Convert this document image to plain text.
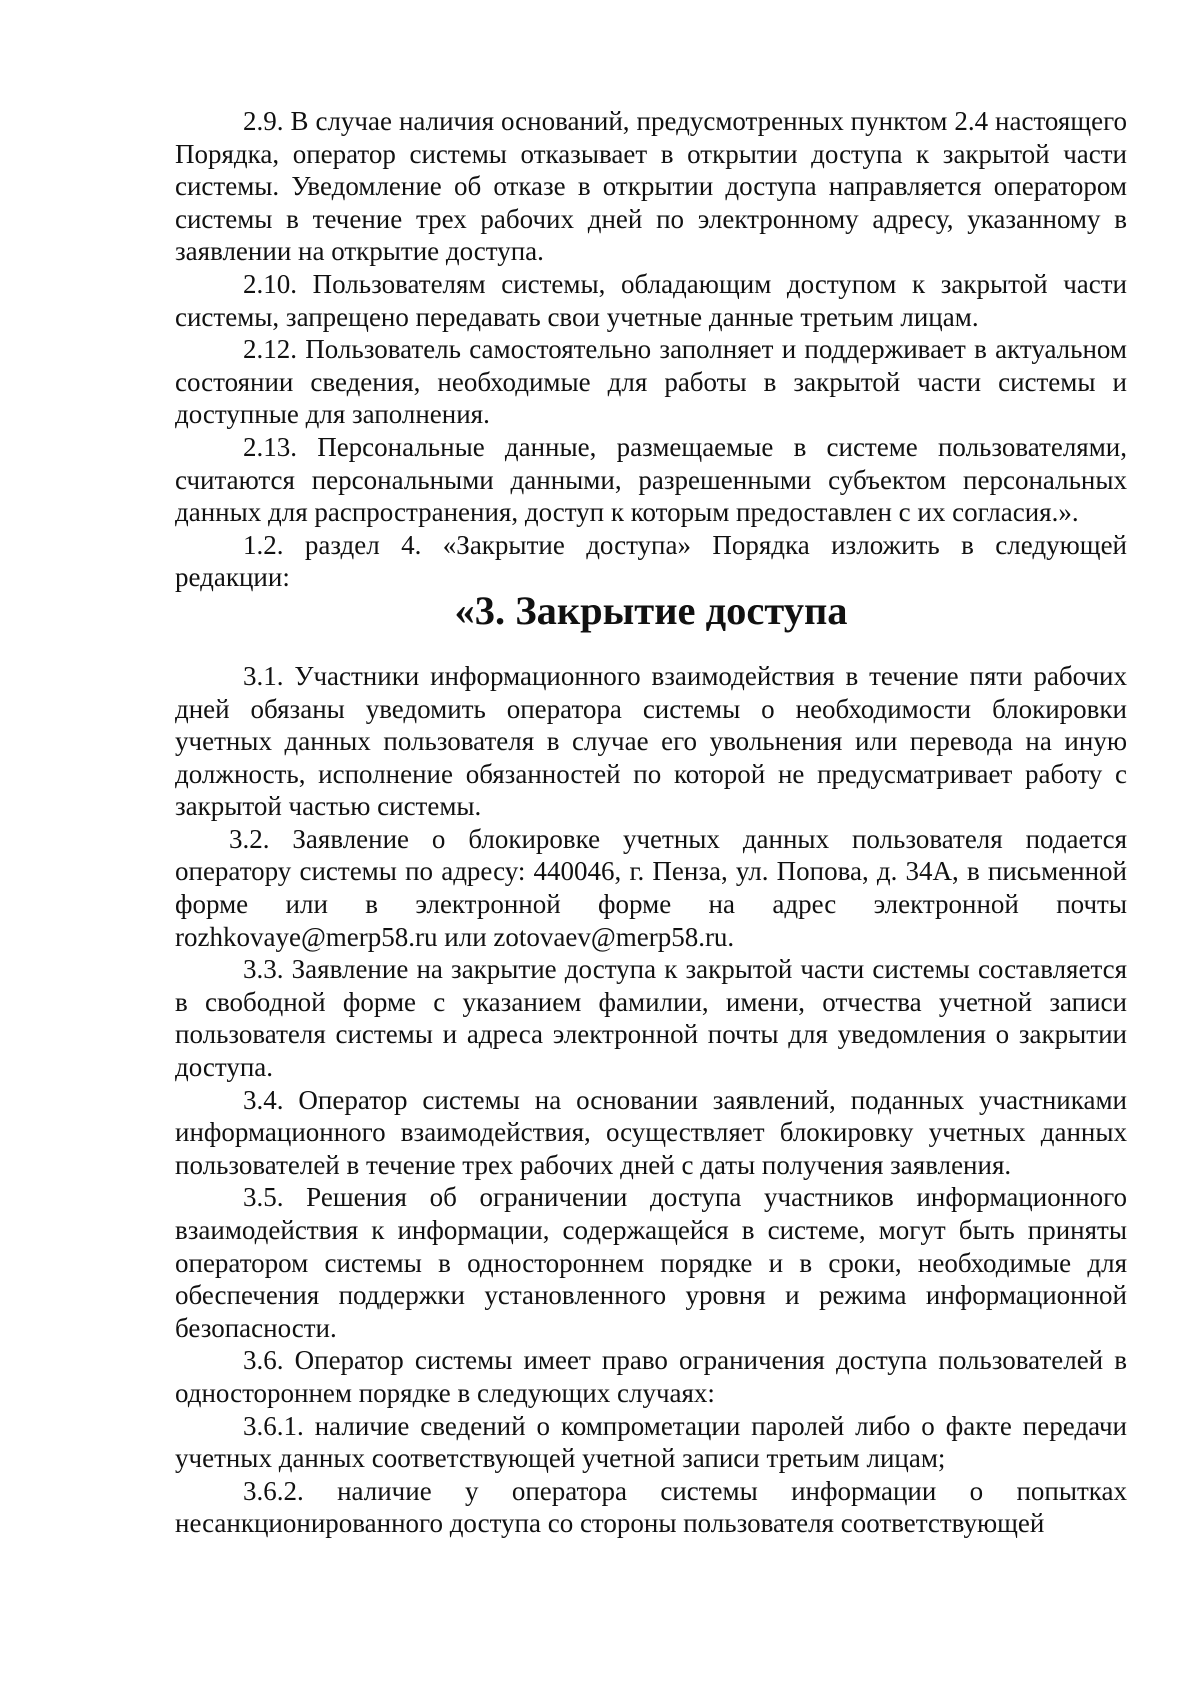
2.9. В случае наличия оснований, предусмотренных пунктом 2.4 настоящего Порядка, оператор системы отказывает в открытии доступа к закрытой части системы. Уведомление об отказе в открытии доступа направляется оператором системы в течение трех рабочих дней по электронному адресу, указанному в заявлении на открытие доступа.

2.10. Пользователям системы, обладающим доступом к закрытой части системы, запрещено передавать свои учетные данные третьим лицам.

2.12. Пользователь самостоятельно заполняет и поддерживает в актуальном состоянии сведения, необходимые для работы в закрытой части системы и доступные для заполнения.

2.13. Персональные данные, размещаемые в системе пользователями, считаются персональными данными, разрешенными субъектом персональных данных для распространения, доступ к которым предоставлен с их согласия.».

1.2. раздел 4. «Закрытие доступа» Порядка изложить в следующей редакции:

«3. Закрытие доступа

3.1. Участники информационного взаимодействия в течение пяти рабочих дней обязаны уведомить оператора системы о необходимости блокировки учетных данных пользователя в случае его увольнения или перевода на иную должность, исполнение обязанностей по которой не предусматривает работу с закрытой частью системы.

3.2. Заявление о блокировке учетных данных пользователя подается оператору системы по адресу: 440046, г. Пенза, ул. Попова, д. 34А, в письменной форме или в электронной форме на адрес электронной почты rozhkovaye@merp58.ru или zotovaev@merp58.ru.

3.3. Заявление на закрытие доступа к закрытой части системы составляется в свободной форме с указанием фамилии, имени, отчества учетной записи пользователя системы и адреса электронной почты для уведомления о закрытии доступа.

3.4. Оператор системы на основании заявлений, поданных участниками информационного взаимодействия, осуществляет блокировку учетных данных пользователей в течение трех рабочих дней с даты получения заявления.

3.5. Решения об ограничении доступа участников информационного взаимодействия к информации, содержащейся в системе, могут быть приняты оператором системы в одностороннем порядке и в сроки, необходимые для обеспечения поддержки установленного уровня и режима информационной безопасности.

3.6. Оператор системы имеет право ограничения доступа пользователей в одностороннем порядке в следующих случаях:

3.6.1. наличие сведений о компрометации паролей либо о факте передачи учетных данных соответствующей учетной записи третьим лицам;

3.6.2. наличие у оператора системы информации о попытках несанкционированного доступа со стороны пользователя соответствующей
